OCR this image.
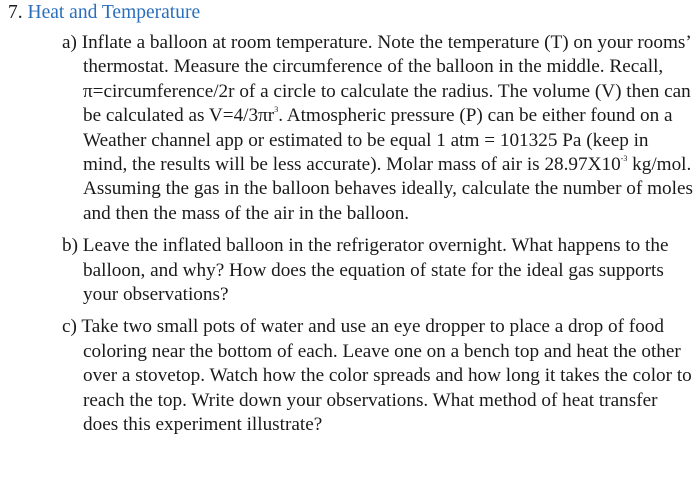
7. Heat and Temperature
a) Inflate a balloon at room temperature. Note the temperature (T) on your rooms’ thermostat. Measure the circumference of the balloon in the middle. Recall, π=circumference/2r of a circle to calculate the radius. The volume (V) then can be calculated as $V=4/3\pi r^3$. Atmospheric pressure (P) can be either found on a Weather channel app or estimated to be equal 1 atm = 101325 Pa (keep in mind, the results will be less accurate). Molar mass of air is $28.97X10^{-3}$ kg/mol. Assuming the gas in the balloon behaves ideally, calculate the number of moles and then the mass of the air in the balloon.
b) Leave the inflated balloon in the refrigerator overnight. What happens to the balloon, and why? How does the equation of state for the ideal gas supports your observations?
c) Take two small pots of water and use an eye dropper to place a drop of food coloring near the bottom of each. Leave one on a bench top and heat the other over a stovetop. Watch how the color spreads and how long it takes the color to reach the top. Write down your observations. What method of heat transfer does this experiment illustrate?
